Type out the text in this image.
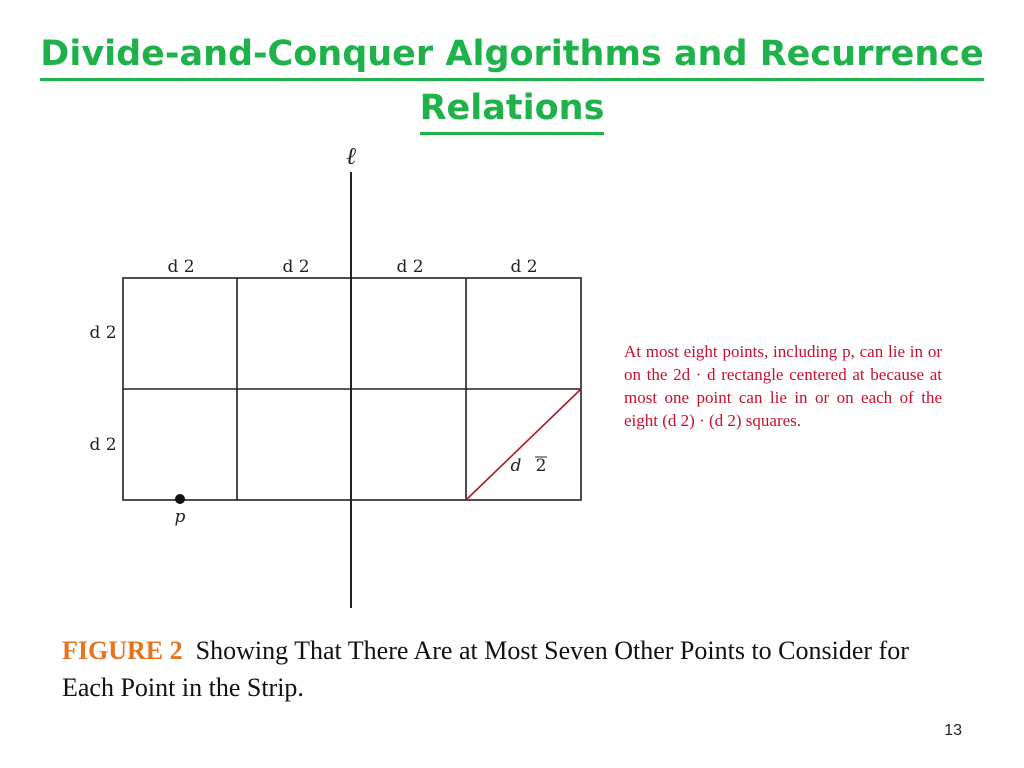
Divide-and-Conquer Algorithms and Recurrence
Relations
ℓ
d 2	d 2	d 2	d 2
d 2
d 2
d 2
p
At most eight points, including p, can lie in or on the 2d · d rectangle centered at because at most one point can lie in or on each of the eight (d 2) · (d 2) squares.
FIGURE 2 Showing That There Are at Most Seven Other Points to Consider for Each Point in the Strip.
13
